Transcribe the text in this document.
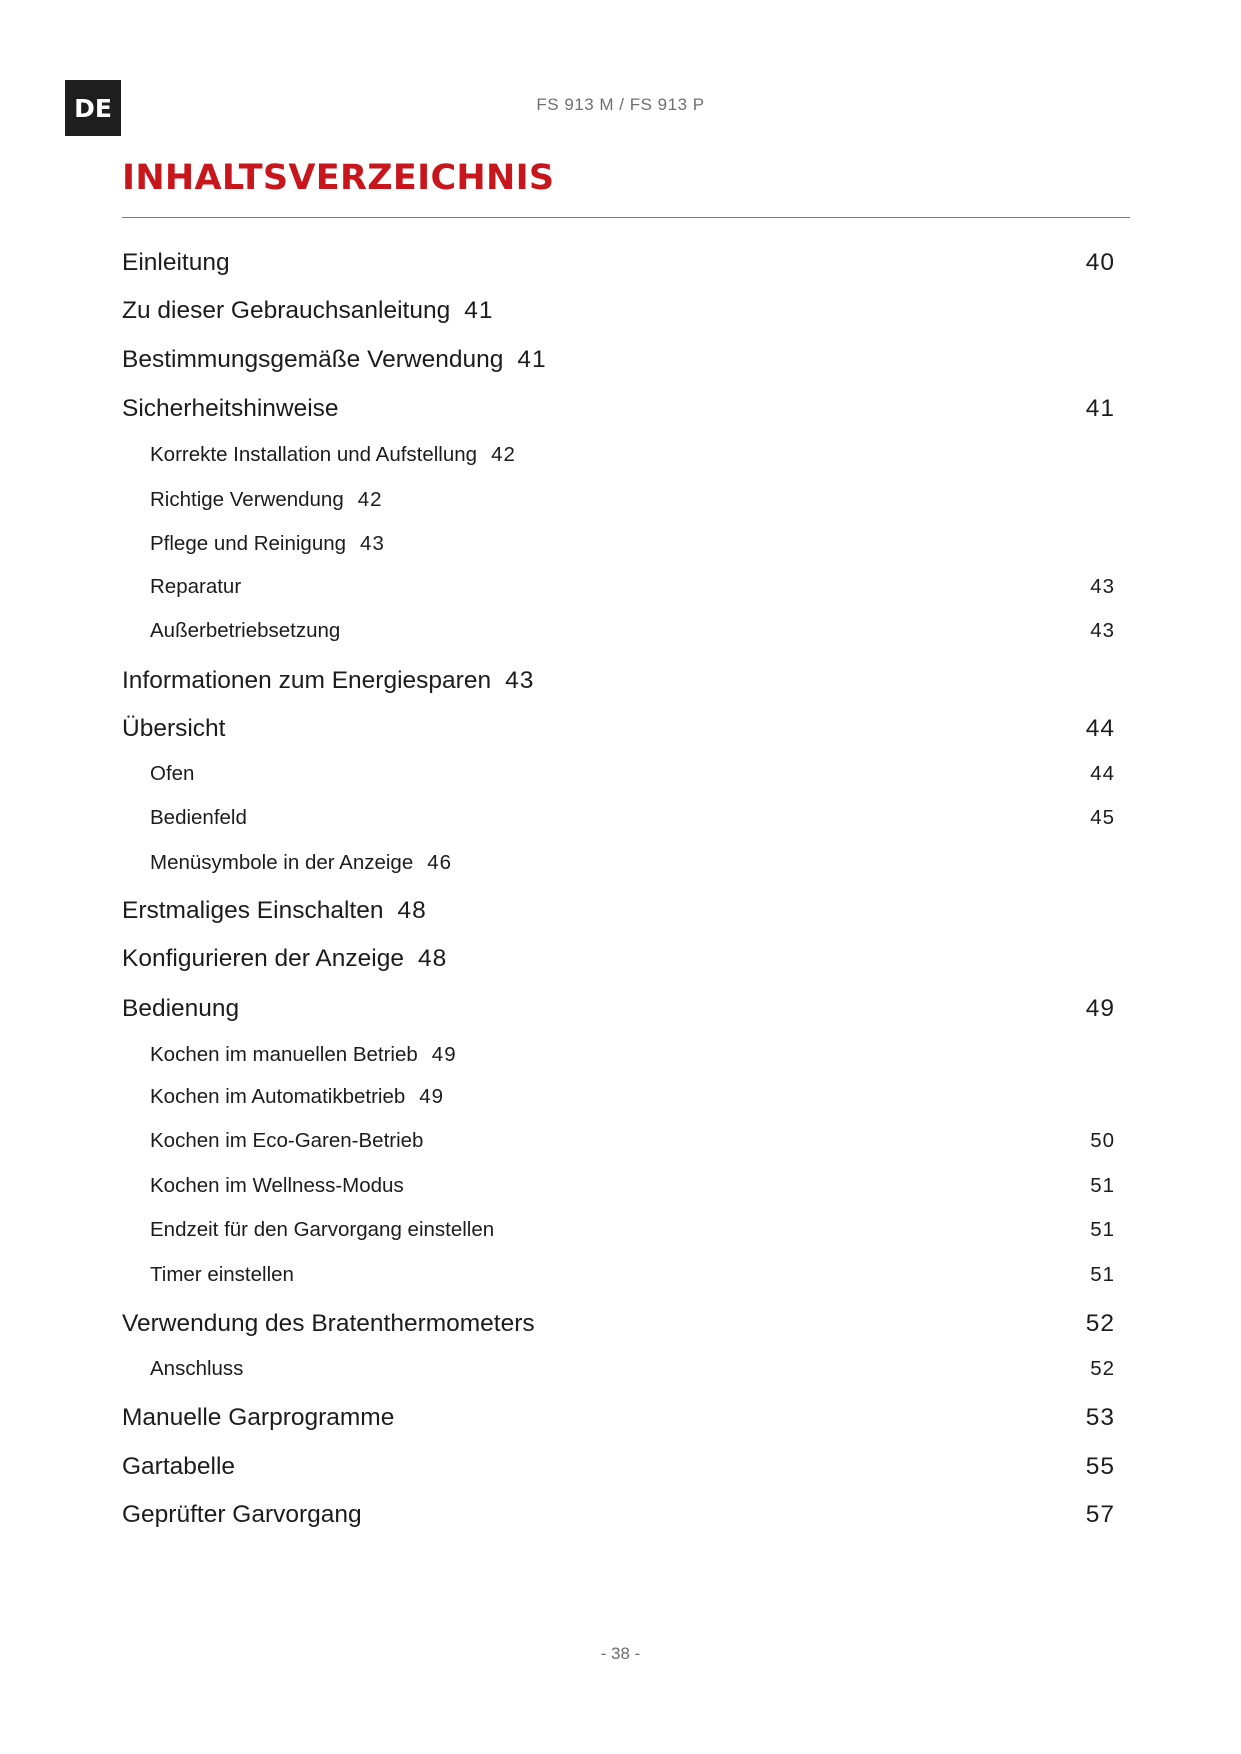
DE	FS 913 M / FS 913 P
INHALTSVERZEICHNIS
Einleitung	40
Zu dieser Gebrauchsanleitung 41
Bestimmungsgemäße Verwendung 41
Sicherheitshinweise	41
Korrekte Installation und Aufstellung 42
Richtige Verwendung 42
Pflege und Reinigung 43
Reparatur	43
Außerbetriebsetzung	43
Informationen zum Energiesparen 43
Übersicht	44
Ofen	44
Bedienfeld	45
Menüsymbole in der Anzeige 46
Erstmaliges Einschalten 48
Konfigurieren der Anzeige 48
Bedienung	49
Kochen im manuellen Betrieb 49
Kochen im Automatikbetrieb 49
Kochen im Eco-Garen-Betrieb	50
Kochen im Wellness-Modus	51
Endzeit für den Garvorgang einstellen	51
Timer einstellen	51
Verwendung des Bratenthermometers	52
Anschluss	52
Manuelle Garprogramme	53
Gartabelle	55
Geprüfter Garvorgang	57
- 38 -
